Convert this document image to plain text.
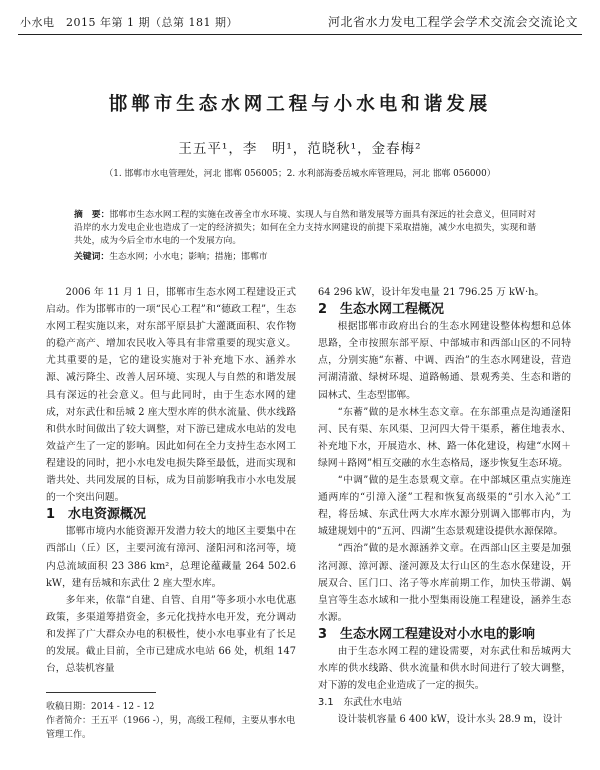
小水电　2015 年第 1 期（总第 181 期）	河北省水力发电工程学会学术交流会交流论文
邯郸市生态水网工程与小水电和谐发展
王五平¹，李　明¹，范晓秋¹，金春梅²
（1. 邯郸市水电管理处，河北 邯郸 056005；2. 水利部海委岳城水库管理局，河北 邯郸 056000）
摘　要：邯郸市生态水网工程的实施在改善全市水环境、实现人与自然和谐发展等方面具有深远的社会意义，但同时对沿岸的水力发电企业也造成了一定的经济损失；如何在全力支持水网建设的前提下采取措施，减少水电损失，实现和谐共处，成为今后全市水电的一个发展方向。
关键词：生态水网；小水电；影响；措施；邯郸市

2006 年 11 月 1 日，邯郸市生态水网工程建设正式启动。作为邯郸市的一项“民心工程”和“德政工程”，生态水网工程实施以来，对东部平原县扩大灌溉面积、农作物的稳产高产、增加农民收入等具有非常重要的现实意义。尤其重要的是，它的建设实施对于补充地下水、涵养水源、减污降尘、改善人居环境、实现人与自然的和谐发展具有深远的社会意义。但与此同时，由于生态水网的建成，对东武仕和岳城 2 座大型水库的供水流量、供水线路和供水时间做出了较大调整，对下游已建成水电站的发电效益产生了一定的影响。因此如何在全力支持生态水网工程建设的同时，把小水电发电损失降至最低，进而实现和谐共处、共同发展的目标，成为目前影响我市小水电发展的一个突出问题。

1　水电资源概况

邯郸市境内水能资源开发潜力较大的地区主要集中在西部山（丘）区，主要河流有漳河、滏阳河和洺河等，境内总流域面积 23 386 km²，总理论蕴藏量 264 502.6 kW，建有岳城和东武仕 2 座大型水库。

多年来，依靠“自建、自管、自用”等多项小水电优惠政策，多渠道筹措资金，多元化找持水电开发，充分调动和发挥了广大群众办电的积极性，使小水电事业有了长足的发展。截止目前，全市已建成水电站 66 处，机组 147 台，总装机容量

64 296 kW，设计年发电量 21 796.25 万 kW·h。

2　生态水网工程概况

根据邯郸市政府出台的生态水网建设整体构想和总体思路，全市按照东部平原、中部城市和西部山区的不同特点，分别实施“东蓄、中调、西治”的生态水网建设，营造河湖清澈、绿树环堤、道路畅通、景观秀美、生态和谐的园林式、生态型邯郸。

“东蓄”做的是水林生态文章。在东部重点是沟通滏阳河、民有渠、东风渠、卫河四大骨干渠系，蓄住地表水、补充地下水，开展造水、林、路一体化建设，构建“水网＋绿网＋路网”相互交融的水生态格局，逐步恢复生态环境。

“中调”做的是生态景观文章。在中部城区重点实施连通两库的“引漳入滏”工程和恢复高级渠的“引水入沁”工程，将岳城、东武仕两大水库水源分别调入邯郸市内，为城建规划中的“五河、四湖”生态景观建设提供水源保障。

“西治”做的是水源涵养文章。在西部山区主要是加强洺河源、漳河源、滏河源及太行山区的生态水保建设，开展双合、匡门口、洺子等水库前期工作，加快玉带湖、娲皇宫等生态水域和一批小型集雨设施工程建设，涵养生态水源。

3　生态水网工程建设对小水电的影响

由于生态水网工程的建设需要，对东武仕和岳城两大水库的供水线路、供水流量和供水时间进行了较大调整，对下游的发电企业造成了一定的损失。

3.1　东武仕水电站

设计装机容量 6 400 kW，设计水头 28.9 m，设计

收稿日期：2014 - 12 - 12
作者简介：王五平（1966 -），男，高级工程师，主要从事水电管理工作。
